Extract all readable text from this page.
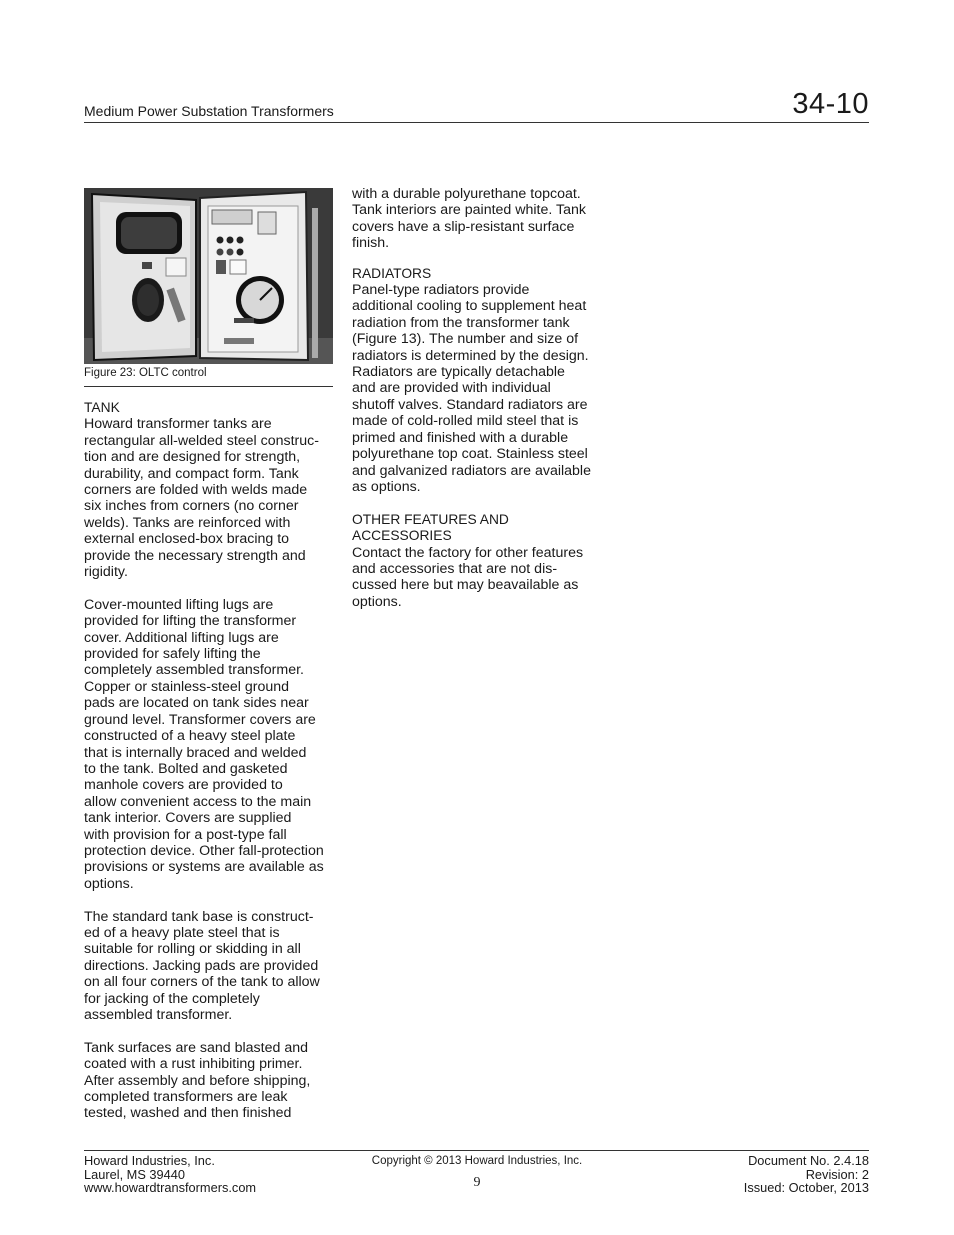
Medium Power Substation Transformers	34-10
Figure 23: OLTC control
TANK

Howard transformer tanks are
rectangular all-welded steel construc-
tion and are designed for strength,
durability, and compact form. Tank
corners are folded with welds made
six inches from corners (no corner
welds). Tanks are reinforced with
external enclosed-box bracing to
provide the necessary strength and
rigidity.

Cover-mounted lifting lugs are
provided for lifting the transformer
cover. Additional lifting lugs are
provided for safely lifting the
completely assembled transformer.
Copper or stainless-steel ground
pads are located on tank sides near
ground level. Transformer covers are
constructed of a heavy steel plate
that is internally braced and welded
to the tank. Bolted and gasketed
manhole covers are provided to
allow convenient access to the main
tank interior. Covers are supplied
with provision for a post-type fall
protection device. Other fall-protection
provisions or systems are available as
options.

The standard tank base is construct-
ed of a heavy plate steel that is
suitable for rolling or skidding in all
directions. Jacking pads are provided
on all four corners of the tank to allow
for jacking of the completely
assembled transformer.

Tank surfaces are sand blasted and
coated with a rust inhibiting primer.
After assembly and before shipping,
completed transformers are leak
tested, washed and then finished

with a durable polyurethane topcoat.
Tank interiors are painted white. Tank
covers have a slip-resistant surface
finish.

RADIATORS

Panel-type radiators provide
additional cooling to supplement heat
radiation from the transformer tank
(Figure 13). The number and size of
radiators is determined by the design.
Radiators are typically detachable
and are provided with individual
shutoff valves. Standard radiators are
made of cold-rolled mild steel that is
primed and finished with a durable
polyurethane top coat. Stainless steel
and galvanized radiators are available
as options.

OTHER FEATURES AND
ACCESSORIES

Contact the factory for other features
and accessories that are not dis-
cussed here but may beavailable as
options.

Howard Industries, Inc.
Laurel, MS 39440
www.howardtransformers.com
Copyright © 2013 Howard Industries, Inc.
9
Document No. 2.4.18
Revision: 2
Issued: October, 2013
